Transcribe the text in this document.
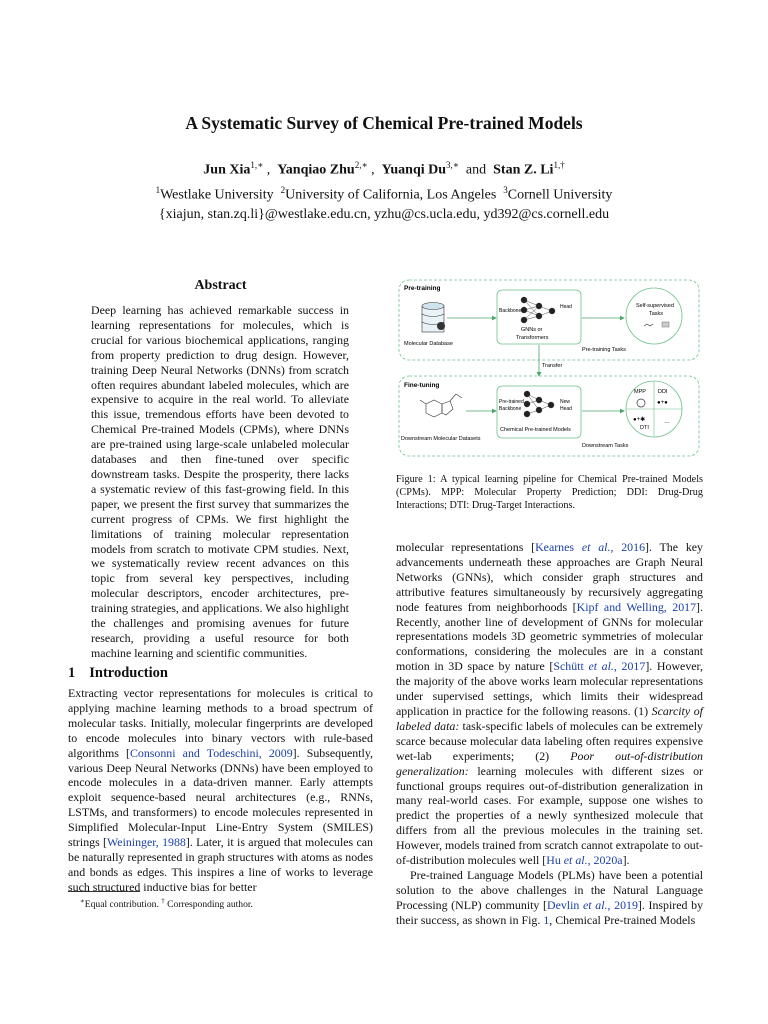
A Systematic Survey of Chemical Pre-trained Models
Jun Xia$^{1,∗}$ ,  Yanqiao Zhu$^{2,∗}$ ,  Yuanqi $Du^{3,∗}$ and Stan Z. $Li^{1,\dagger}$
$^1$Westlake University $^2$University of California, Los Angeles $^3$Cornell University
{xiajun, stan.zq.li}@westlake.edu.cn, yzhu@cs.ucla.edu, yd392@cs.cornell.edu
Abstract
Deep learning has achieved remarkable success in learning representations for molecules, which is crucial for various biochemical applications, ranging from property prediction to drug design. However, training Deep Neural Networks (DNNs) from scratch often requires abundant labeled molecules, which are expensive to acquire in the real world. To alleviate this issue, tremendous efforts have been devoted to Chemical Pre-trained Models (CPMs), where DNNs are pre-trained using large-scale unlabeled molecular databases and then fine-tuned over specific downstream tasks. Despite the prosperity, there lacks a systematic review of this fast-growing field. In this paper, we present the first survey that summarizes the current progress of CPMs. We first highlight the limitations of training molecular representation models from scratch to motivate CPM studies. Next, we systematically review recent advances on this topic from several key perspectives, including molecular descriptors, encoder architectures, pre-training strategies, and applications. We also highlight the challenges and promising avenues for future research, providing a useful resource for both machine learning and scientific communities.
1 Introduction
Extracting vector representations for molecules is critical to applying machine learning methods to a broad spectrum of molecular tasks. Initially, molecular fingerprints are developed to encode molecules into binary vectors with rule-based algorithms [Consonni and Todeschini, 2009]. Subsequently, various Deep Neural Networks (DNNs) have been employed to encode molecules in a data-driven manner. Early attempts exploit sequence-based neural architectures (e.g., RNNs, LSTMs, and transformers) to encode molecules represented in Simplified Molecular-Input Line-Entry System (SMILES) strings [Weininger, 1988]. Later, it is argued that molecules can be naturally represented in graph structures with atoms as nodes and bonds as edges. This inspires a line of works to leverage such structured inductive bias for better
∗Equal contribution. † Corresponding author.
Pre-training
Molecular Database
Backbone
Head
GNNs or
Transformers
Self-supervised
Tasks
Pre-training Tasks
Transfer
Fine-tuning
Downstream Molecular Datasets
Pre-trained
Backbone
New
Head
Chemical Pre-trained Models
MPP DDI
●+●
●+✱
DTI
…
Downstream Tasks
Figure 1: A typical learning pipeline for Chemical Pre-trained Models (CPMs). MPP: Molecular Property Prediction; DDI: Drug-Drug Interactions; DTI: Drug-Target Interactions.

molecular representations [Kearnes et al., 2016]. The key advancements underneath these approaches are Graph Neural Networks (GNNs), which consider graph structures and attributive features simultaneously by recursively aggregating node features from neighborhoods [Kipf and Welling, 2017]. Recently, another line of development of GNNs for molecular representations models 3D geometric symmetries of molecular conformations, considering the molecules are in a constant motion in 3D space by nature [Schütt et al., 2017]. However, the majority of the above works learn molecular representations under supervised settings, which limits their widespread application in practice for the following reasons. (1) Scarcity of labeled data: task-specific labels of molecules can be extremely scarce because molecular data labeling often requires expensive wet-lab experiments; (2) Poor out-of-distribution generalization: learning molecules with different sizes or functional groups requires out-of-distribution generalization in many real-world cases. For example, suppose one wishes to predict the properties of a newly synthesized molecule that differs from all the previous molecules in the training set. However, models trained from scratch cannot extrapolate to out-of-distribution molecules well [Hu et al., 2020a].

Pre-trained Language Models (PLMs) have been a potential solution to the above challenges in the Natural Language Processing (NLP) community [Devlin et al., 2019]. Inspired by their success, as shown in Fig. 1, Chemical Pre-trained Models
